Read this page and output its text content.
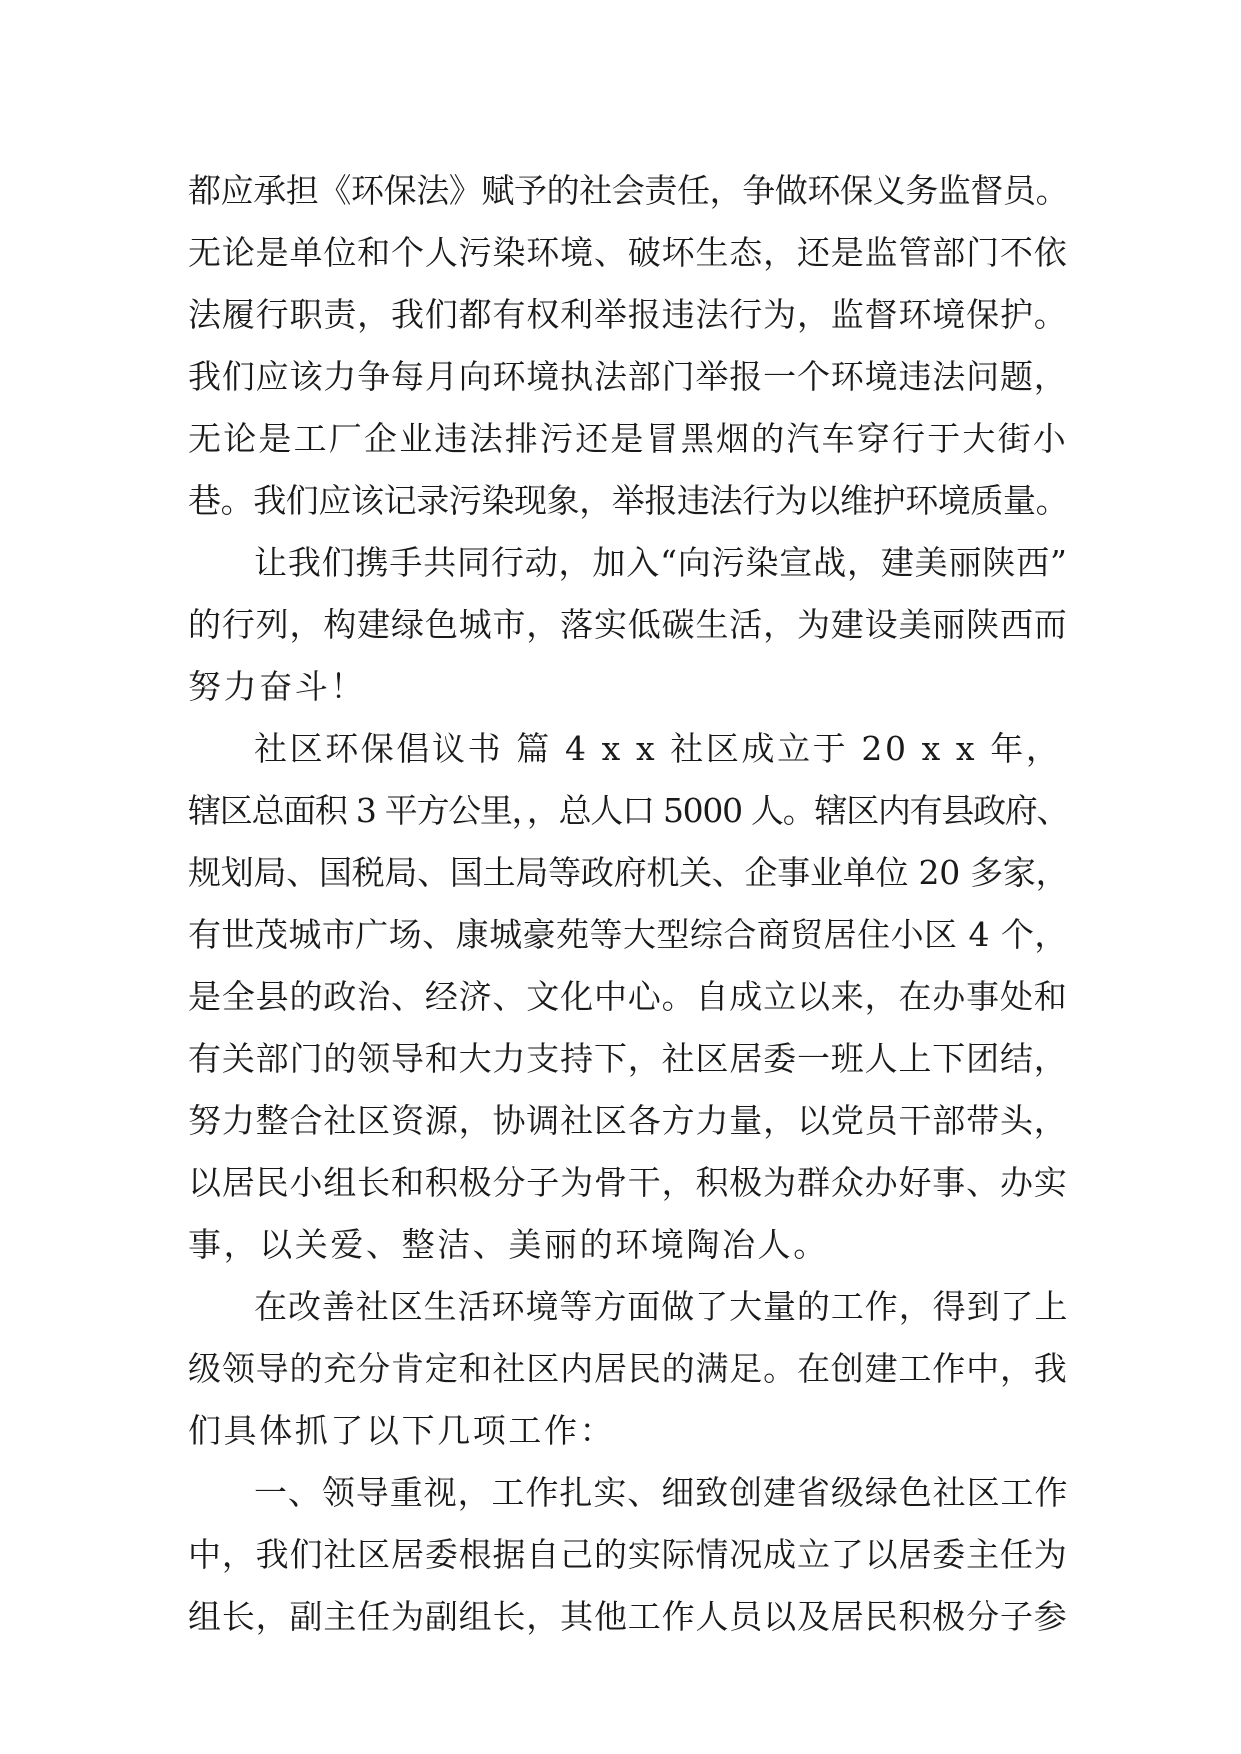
都应承担《环保法》赋予的社会责任，争做环保义务监督员。
无论是单位和个人污染环境、破坏生态，还是监管部门不依
法履行职责，我们都有权利举报违法行为，监督环境保护。
我们应该力争每月向环境执法部门举报一个环境违法问题，
无论是工厂企业违法排污还是冒黑烟的汽车穿行于大街小
巷。我们应该记录污染现象，举报违法行为以维护环境质量。
让我们携手共同行动，加入“向污染宣战，建美丽陕西”
的行列，构建绿色城市，落实低碳生活，为建设美丽陕西而
努力奋斗！
社区环保倡议书 篇 4 x x 社区成立于 20 x x 年，
辖区总面积 3 平方公里，，总人口 5000 人。辖区内有县政府、
规划局、国税局、国土局等政府机关、企事业单位 20 多家，
有世茂城市广场、康城豪苑等大型综合商贸居住小区 4 个，
是全县的政治、经济、文化中心。自成立以来，在办事处和
有关部门的领导和大力支持下，社区居委一班人上下团结，
努力整合社区资源，协调社区各方力量，以党员干部带头，
以居民小组长和积极分子为骨干，积极为群众办好事、办实
事，以关爱、整洁、美丽的环境陶冶人。
在改善社区生活环境等方面做了大量的工作，得到了上
级领导的充分肯定和社区内居民的满足。在创建工作中，我
们具体抓了以下几项工作：
一、领导重视，工作扎实、细致创建省级绿色社区工作
中，我们社区居委根据自己的实际情况成立了以居委主任为
组长，副主任为副组长，其他工作人员以及居民积极分子参
